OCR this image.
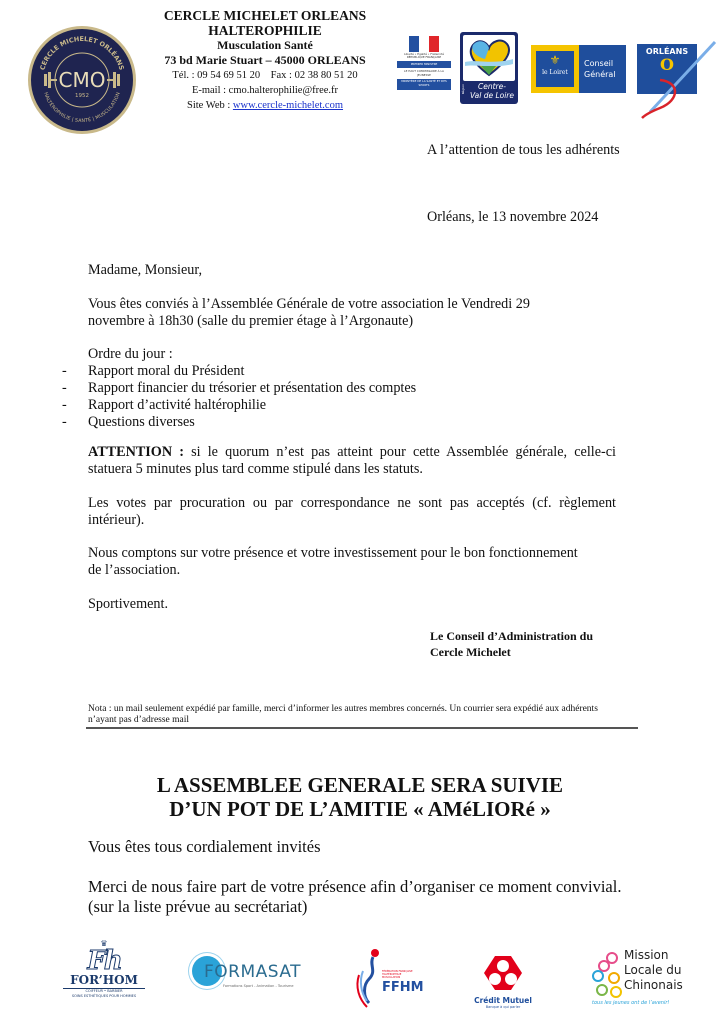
CMO
1952
CERCLE MICHELET ORLÉANS
HALTÉROPHILIE | SANTÉ | MUSCULATION
CERCLE MICHELET ORLEANS
HALTEROPHILIE
Musculation Santé
73 bd Marie Stuart – 45000 ORLEANS
Tél. : 09 54 69 51 20    Fax : 02 38 80 51 20
E-mail : cmo.halterophilie@free.fr
Site Web : www.cercle-michelet.com
Liberté • Égalité • Fraternité
RÉPUBLIQUE FRANÇAISE
PREMIER MINISTRE
LE HAUT COMMISSAIRE À LA JEUNESSE
MINISTÈRE DE LA SANTÉ ET DES SPORTS	Région	Centre-
Val de Loire
⚜
le Loiret
Conseil
Général
ORLÉANS
O
A l’attention de tous les adhérents
Orléans, le 13 novembre 2024
Madame, Monsieur,
Vous êtes conviés à l’Assemblée Générale de votre association le Vendredi 29
novembre à 18h30 (salle du premier étage à l’Argonaute)
Ordre du jour :
- Rapport moral du Président
- Rapport financier du trésorier et présentation des comptes
- Rapport d’activité haltérophilie
- Questions diverses
ATTENTION : si le quorum n’est pas atteint pour cette Assemblée générale, celle-ci statuera 5 minutes plus tard comme stipulé dans les statuts.
Les votes par procuration ou par correspondance ne sont pas acceptés (cf. règlement intérieur).
Nous comptons sur votre présence et votre investissement pour le bon fonctionnement
de l’association.
Sportivement.
Le Conseil d’Administration du
Cercle Michelet
Nota : un mail seulement expédié par famille, merci d’informer les autres membres concernés. Un courrier sera expédié aux adhérents
n’ayant pas d’adresse mail
L ASSEMBLEE GENERALE SERA SUIVIE
D’UN POT DE L’AMITIE « AMéLIORé »
Vous êtes tous cordialement invités
Merci de nous faire part de votre présence afin d’organiser ce moment convivial.
(sur la liste prévue au secrétariat)
♛
Fh
FOR’HOM
COIFFEUR • BARBIER
SOINS ESTHÉTIQUES POUR HOMMES
FORMASAT
Formations Sport - Animation - Tourisme
FÉDÉRATION FRANÇAISE HALTÉROPHILIE MUSCULATION
FFHM
Crédit Mutuel
Banque à qui parler
Mission
Locale du
Chinonais
tous les jeunes ont de l’avenir!
